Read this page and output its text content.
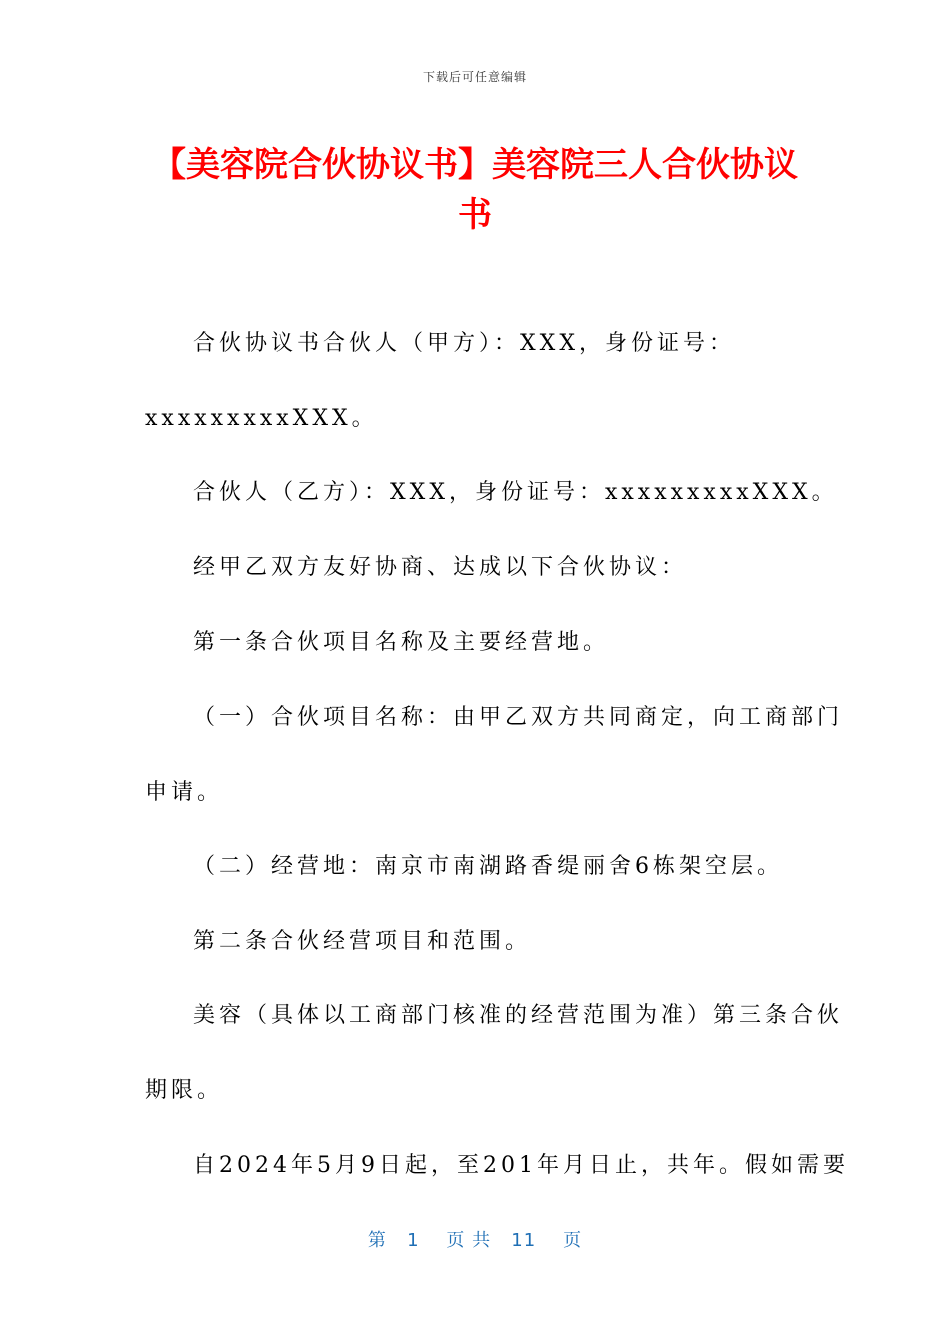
下载后可任意编辑
【美容院合伙协议书】美容院三人合伙协议书
合伙协议书合伙人（甲方）：XXX，身份证号：
xxxxxxxxxXXX。
合伙人（乙方）：XXX，身份证号：xxxxxxxxxXXX。
经甲乙双方友好协商、达成以下合伙协议：
第一条合伙项目名称及主要经营地。
（一）合伙项目名称：由甲乙双方共同商定，向工商部门
申请。
（二）经营地：南京市南湖路香缇丽舍6栋架空层。
第二条合伙经营项目和范围。
美容（具体以工商部门核准的经营范围为准）第三条合伙
期限。
自2024年5月9日起，至201年月日止，共年。假如需要
第   1    页 共   11    页
